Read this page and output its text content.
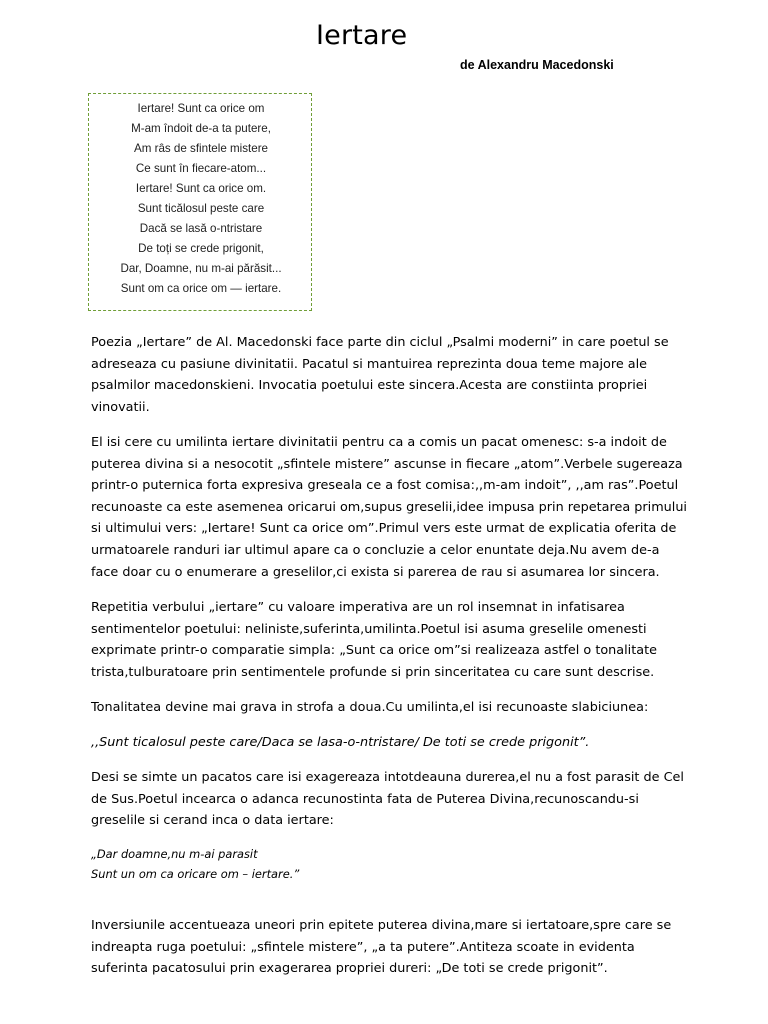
Iertare
de Alexandru Macedonski
Iertare! Sunt ca orice om
M-am îndoit de-a ta putere,
Am râs de sfintele mistere
Ce sunt în fiecare-atom...
Iertare! Sunt ca orice om.
Sunt ticălosul peste care
Dacă se lasă o-ntristare
De toți se crede prigonit,
Dar, Doamne, nu m-ai părăsit...
Sunt om ca orice om — iertare.

Poezia „Iertare” de Al. Macedonski face parte din ciclul „Psalmi moderni” in care poetul se
adreseaza cu pasiune divinitatii. Pacatul si mantuirea reprezinta doua teme majore ale
psalmilor macedonskieni. Invocatia poetului este sincera.Acesta are constiinta propriei
vinovatii.

El isi cere cu umilinta iertare divinitatii pentru ca a comis un pacat omenesc: s-a indoit de
puterea divina si a nesocotit „sfintele mistere” ascunse in fiecare „atom”.Verbele sugereaza
printr-o puternica forta expresiva greseala ce a fost comisa:,,m-am indoit”, ,,am ras”.Poetul
recunoaste ca este asemenea oricarui om,supus greselii,idee impusa prin repetarea primului
si ultimului vers: „Iertare! Sunt ca orice om”.Primul vers este urmat de explicatia oferita de
urmatoarele randuri iar ultimul apare ca o concluzie a celor enuntate deja.Nu avem de-a
face doar cu o enumerare a greselilor,ci exista si parerea de rau si asumarea lor sincera.

Repetitia verbului „iertare” cu valoare imperativa are un rol insemnat in infatisarea
sentimentelor poetului: neliniste,suferinta,umilinta.Poetul isi asuma greselile omenesti
exprimate printr-o comparatie simpla: „Sunt ca orice om”si realizeaza astfel o tonalitate
trista,tulburatoare prin sentimentele profunde si prin sinceritatea cu care sunt descrise.

Tonalitatea devine mai grava in strofa a doua.Cu umilinta,el isi recunoaste slabiciunea:

,,Sunt ticalosul peste care/Daca se lasa-o-ntristare/ De toti se crede prigonit”.

Desi se simte un pacatos care isi exagereaza intotdeauna durerea,el nu a fost parasit de Cel
de Sus.Poetul incearca o adanca recunostinta fata de Puterea Divina,recunoscandu-si
greselile si cerand inca o data iertare:

„Dar doamne,nu m-ai parasit
Sunt un om ca oricare om – iertare.”

Inversiunile accentueaza uneori prin epitete puterea divina,mare si iertatoare,spre care se
indreapta ruga poetului: „sfintele mistere”, „a ta putere”.Antiteza scoate in evidenta
suferinta pacatosului prin exagerarea propriei dureri: „De toti se crede prigonit”.
